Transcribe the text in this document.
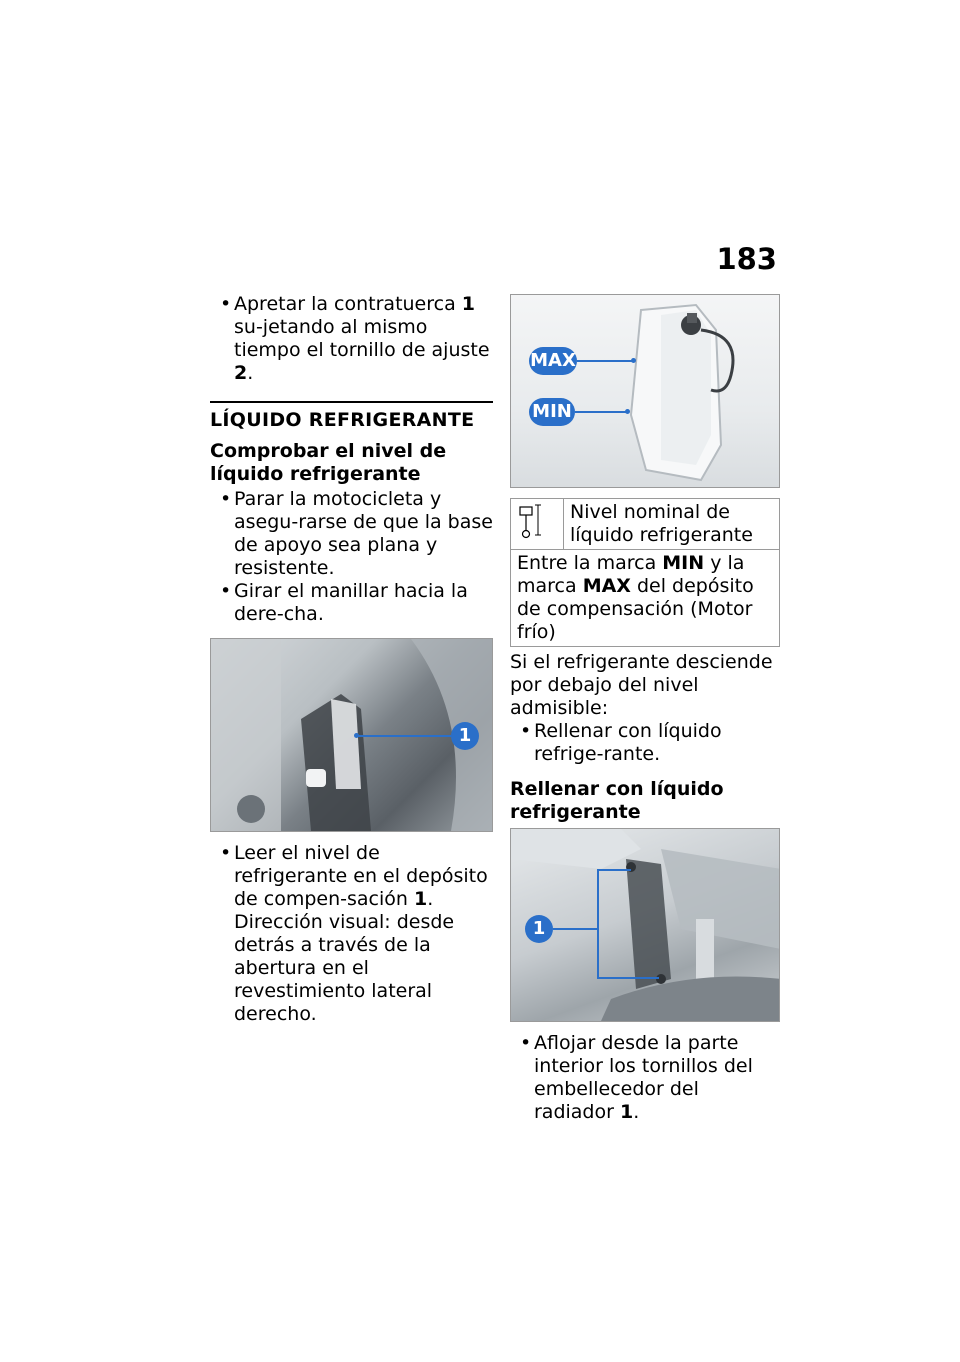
183

• Apretar la contratuerca 1 su-jetando al mismo tiempo el tornillo de ajuste 2.

LÍQUIDO REFRIGERANTE
Comprobar el nivel de líquido refrigerante

• Parar la motocicleta y asegu-rarse de que la base de apoyo sea plana y resistente.

• Girar el manillar hacia la dere-cha.

1

• Leer el nivel de refrigerante en el depósito de compen-sación 1. Dirección visual: desde detrás a través de la abertura en el revestimiento lateral derecho.

MAX
MIN
	Nivel nominal de líquido refrigerante
Entre la marca MIN y la marca MAX del depósito de compensación (Motor frío)

Si el refrigerante desciende por debajo del nivel admisible:

• Rellenar con líquido refrige-rante.

Rellenar con líquido refrigerante
1

• Aflojar desde la parte interior los tornillos del embellecedor del radiador 1.
